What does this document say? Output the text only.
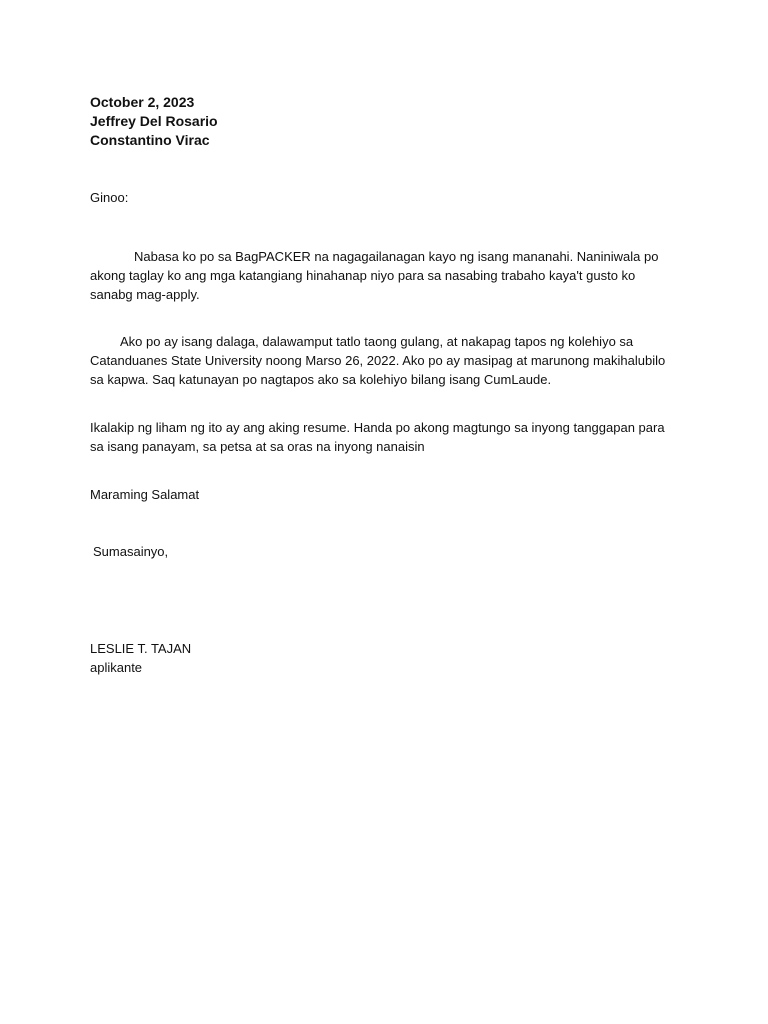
October 2, 2023
Jeffrey Del Rosario
Constantino Virac
Ginoo:
Nabasa ko po sa BagPACKER na nagagailanagan kayo ng isang mananahi. Naniniwala po akong taglay ko ang mga katangiang hinahanap niyo para sa nasabing trabaho kaya't gusto ko sanabg mag-apply.
Ako po ay isang dalaga, dalawamput tatlo taong gulang, at nakapag tapos ng kolehiyo sa Catanduanes State University noong Marso 26, 2022. Ako po ay masipag at marunong makihalubilo sa kapwa. Saq katunayan po nagtapos ako sa kolehiyo bilang isang CumLaude.
Ikalakip ng liham ng ito ay ang aking resume. Handa po akong magtungo sa inyong tanggapan para sa isang panayam, sa petsa at sa oras na inyong nanaisin
Maraming Salamat
Sumasainyo,
LESLIE T. TAJAN
aplikante
